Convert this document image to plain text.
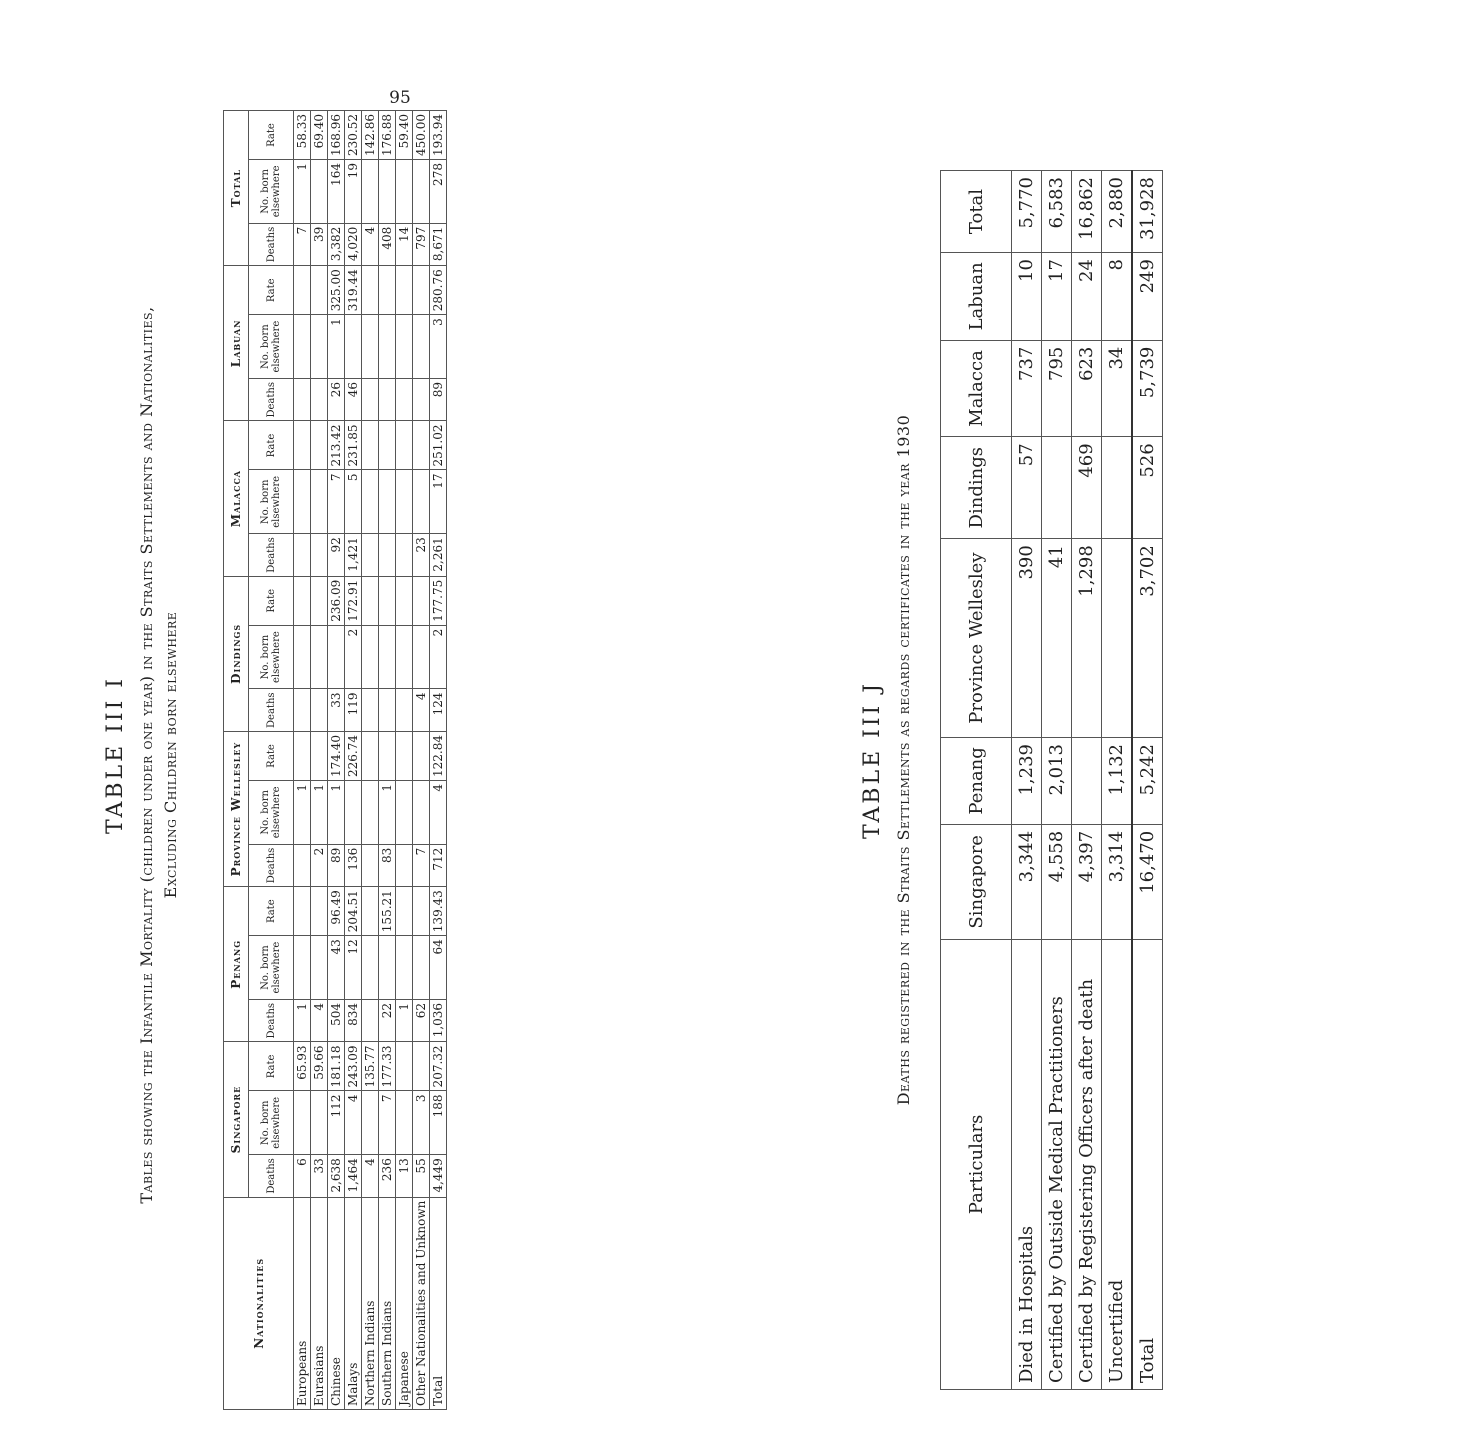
95
TABLE III I Tables showing the Infantile Mortality (children under one year) in the Straits Settlements and Nationalities, Excluding Children born elsewhere
Nationalities	Singapore			Penang			Province Wellesley			Dindings			Malacca			Labuan			Total		
	Deaths	No. born elsewhere	Rate	Deaths	No. born elsewhere	Rate	Deaths	No. born elsewhere	Rate	Deaths	No. born elsewhere	Rate	Deaths	No. born elsewhere	Rate	Deaths	No. born elsewhere	Rate	Deaths	No. born elsewhere	Rate
Europeans	6		65.93	1				1											7	1	58.33
Eurasians	33		59.66	4			2	1											39		69.40
Chinese	2,638	112	181.18	504	43	96.49	89	1	174.40	33		236.09	92	7	213.42	26	1	325.00	3,382	164	168.96
Malays	1,464	4	243.09	834	12	204.51	136		226.74	119	2	172.91	1,421	5	231.85	46		319.44	4,020	19	230.52
Northern Indians	4		135.77																4		142.86
Southern Indians	236	7	177.33	22		155.21	83	1											408		176.88
Japanese	13			1															14		59.40
Other Nationalities and Unknown	55	3		62			7			4			23						797		450.00
Total	4,449	188	207.32	1,036	64	139.43	712	4	122.84	124	2	177.75	2,261	17	251.02	89	3	280.76	8,671	278	193.94
TABLE III J Deaths registered in the Straits Settlements as regards certificates in the year 1930
Particulars	Singapore	Penang	Province Wellesley	Dindings	Malacca	Labuan	Total
Died in Hospitals	3,344	1,239	390	57	737	10	5,770
Certified by Outside Medical Practitioners	4,558	2,013	41		795	17	6,583
Certified by Registering Officers after death	4,397		1,298	469	623	24	16,862
Uncertified	3,314	1,132			34	8	2,880
Total	16,470	5,242	3,702	526	5,739	249	31,928
